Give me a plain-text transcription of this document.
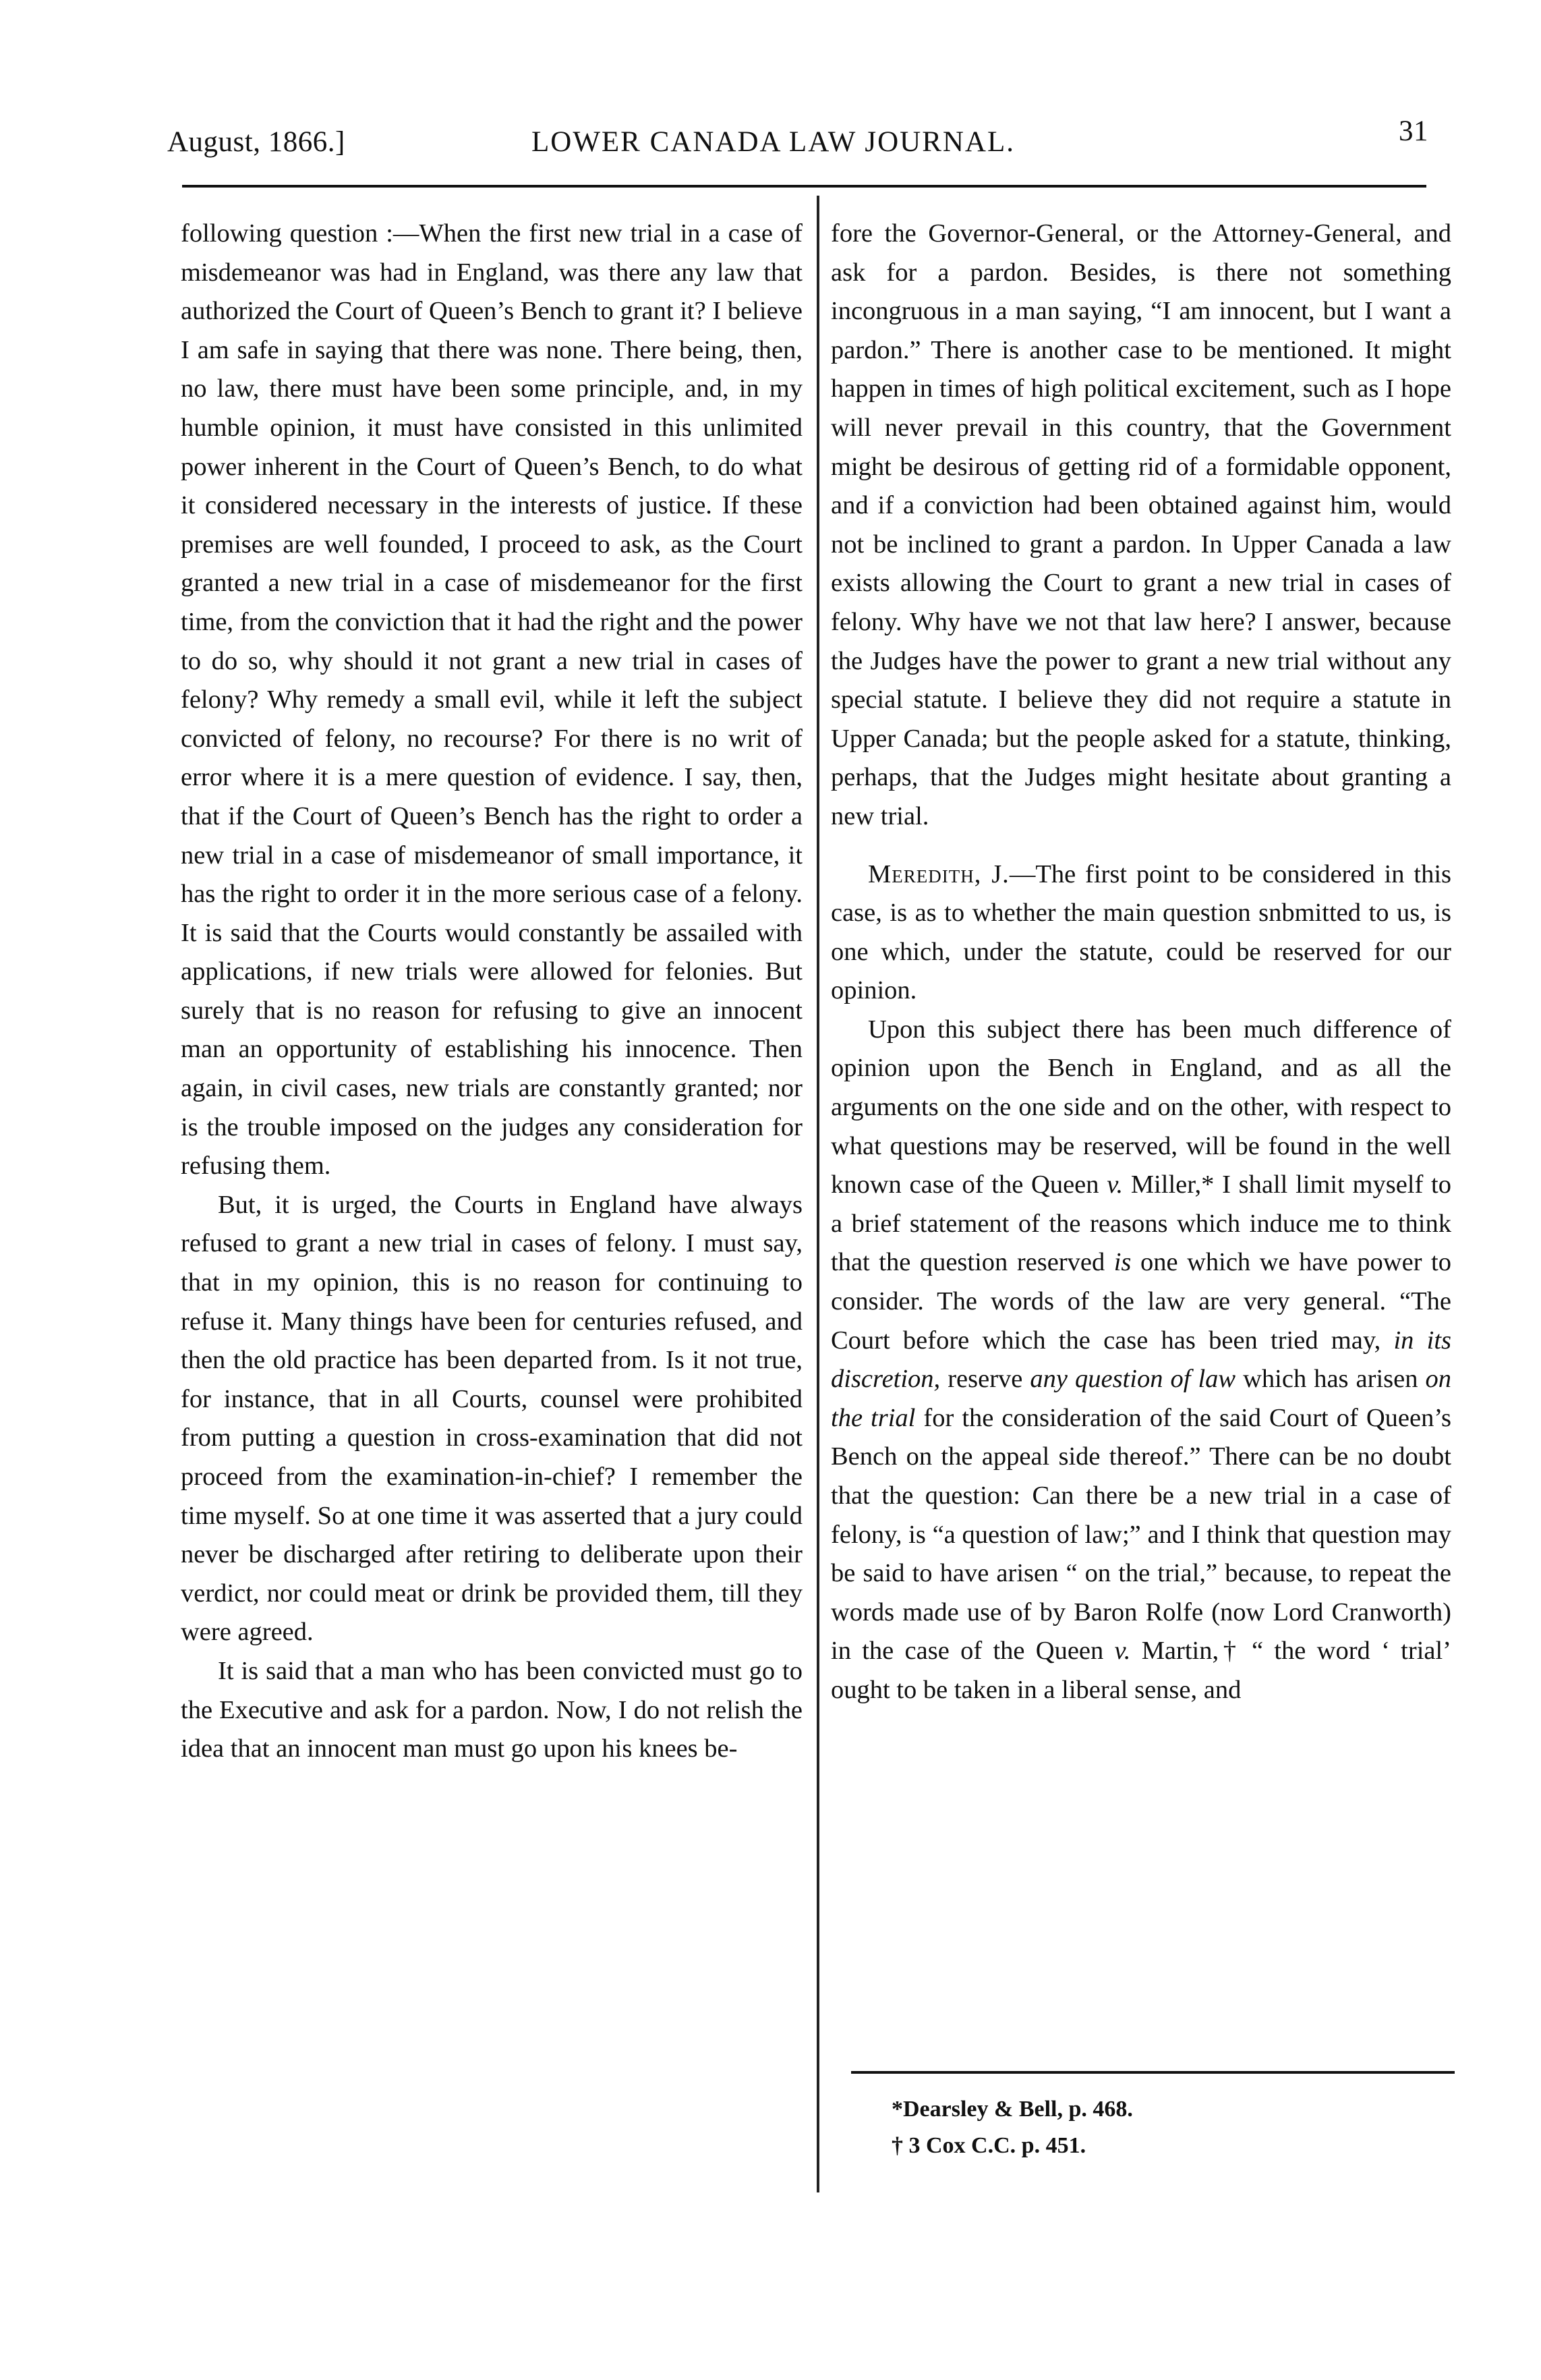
August, 1866.]	LOWER CANADA LAW JOURNAL.	31

following question :—When the first new trial in a case of misdemeanor was had in England, was there any law that authorized the Court of Queen’s Bench to grant it? I believe I am safe in saying that there was none. There being, then, no law, there must have been some principle, and, in my humble opinion, it must have consisted in this unlimited power inherent in the Court of Queen’s Bench, to do what it considered necessary in the interests of justice. If these premises are well founded, I proceed to ask, as the Court granted a new trial in a case of misdemeanor for the first time, from the conviction that it had the right and the power to do so, why should it not grant a new trial in cases of felony? Why remedy a small evil, while it left the subject convicted of felony, no recourse? For there is no writ of error where it is a mere question of evidence. I say, then, that if the Court of Queen’s Bench has the right to order a new trial in a case of misdemeanor of small importance, it has the right to order it in the more serious case of a felony. It is said that the Courts would constantly be assailed with applications, if new trials were allowed for felonies. But surely that is no reason for refusing to give an innocent man an opportunity of establishing his innocence. Then again, in civil cases, new trials are constantly granted; nor is the trouble imposed on the judges any consideration for refusing them.

But, it is urged, the Courts in England have always refused to grant a new trial in cases of felony. I must say, that in my opinion, this is no reason for continuing to refuse it. Many things have been for centuries refused, and then the old practice has been departed from. Is it not true, for instance, that in all Courts, counsel were prohibited from putting a question in cross-examination that did not proceed from the examination-in-chief? I remember the time myself. So at one time it was asserted that a jury could never be discharged after retiring to deliberate upon their verdict, nor could meat or drink be provided them, till they were agreed.

It is said that a man who has been convicted must go to the Executive and ask for a pardon. Now, I do not relish the idea that an innocent man must go upon his knees be-

fore the Governor-General, or the Attorney-General, and ask for a pardon. Besides, is there not something incongruous in a man saying, “I am innocent, but I want a pardon.” There is another case to be mentioned. It might happen in times of high political excitement, such as I hope will never prevail in this country, that the Government might be desirous of getting rid of a formidable opponent, and if a conviction had been obtained against him, would not be inclined to grant a pardon. In Upper Canada a law exists allowing the Court to grant a new trial in cases of felony. Why have we not that law here? I answer, because the Judges have the power to grant a new trial without any special statute. I believe they did not require a statute in Upper Canada; but the people asked for a statute, thinking, perhaps, that the Judges might hesitate about granting a new trial.

Meredith, J.—The first point to be considered in this case, is as to whether the main question snbmitted to us, is one which, under the statute, could be reserved for our opinion.

Upon this subject there has been much difference of opinion upon the Bench in England, and as all the arguments on the one side and on the other, with respect to what questions may be reserved, will be found in the well known case of the Queen v. Miller,* I shall limit myself to a brief statement of the reasons which induce me to think that the question reserved is one which we have power to consider. The words of the law are very general. “The Court before which the case has been tried may, in its discretion, reserve any question of law which has arisen on the trial for the consideration of the said Court of Queen’s Bench on the appeal side thereof.” There can be no doubt that the question: Can there be a new trial in a case of felony, is “a question of law;” and I think that question may be said to have arisen “ on the trial,” because, to repeat the words made use of by Baron Rolfe (now Lord Cranworth) in the case of the Queen v. Martin,† “ the word ‘ trial’ ought to be taken in a liberal sense, and

*Dearsley & Bell, p. 468.
† 3 Cox C.C. p. 451.
